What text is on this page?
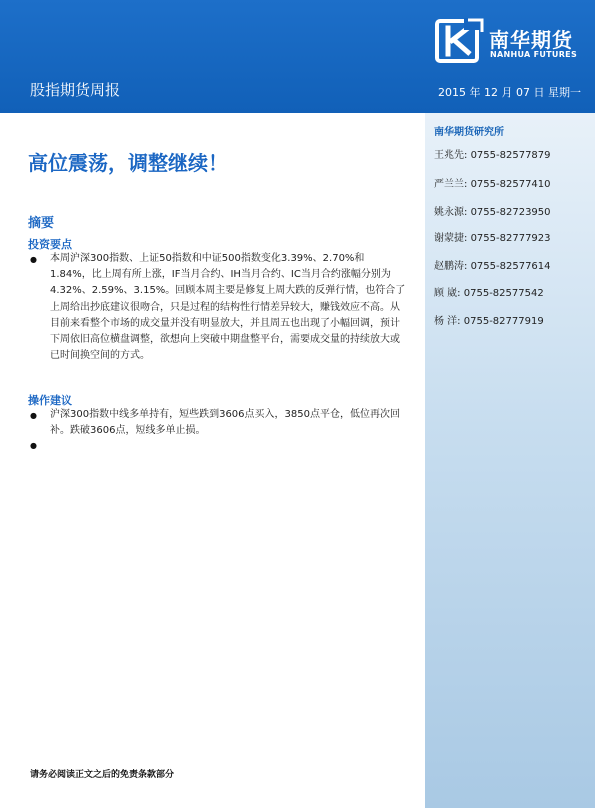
南华期货
NANHUA FUTURES
股指期货周报	2015 年 12 月 07 日 星期一
南华期货研究所
王兆先: 0755-82577879
严兰兰: 0755-82577410
姚永源: 0755-82723950
谢蒙捷: 0755-82777923
赵鹏涛: 0755-82577614
顾 崴: 0755-82577542
杨 洋: 0755-82777919
高位震荡，调整继续！
摘要
投资要点
● 本周沪深300指数、上证50指数和中证500指数变化3.39%、2.70%和1.84%，比上周有所上涨，IF当月合约、IH当月合约、IC当月合约涨幅分别为4.32%、2.59%、3.15%。回顾本周主要是修复上周大跌的反弹行情，也符合了上周给出抄底建议很吻合，只是过程的结构性行情差异较大，赚钱效应不高。从目前来看整个市场的成交量并没有明显放大，并且周五也出现了小幅回调，预计下周依旧高位横盘调整，欲想向上突破中期盘整平台，需要成交量的持续放大或已时间换空间的方式。
操作建议
● 沪深300指数中线多单持有，短些跌到3606点买入，3850点平仓，低位再次回补。跌破3606点，短线多单止损。
●
请务必阅读正文之后的免责条款部分
